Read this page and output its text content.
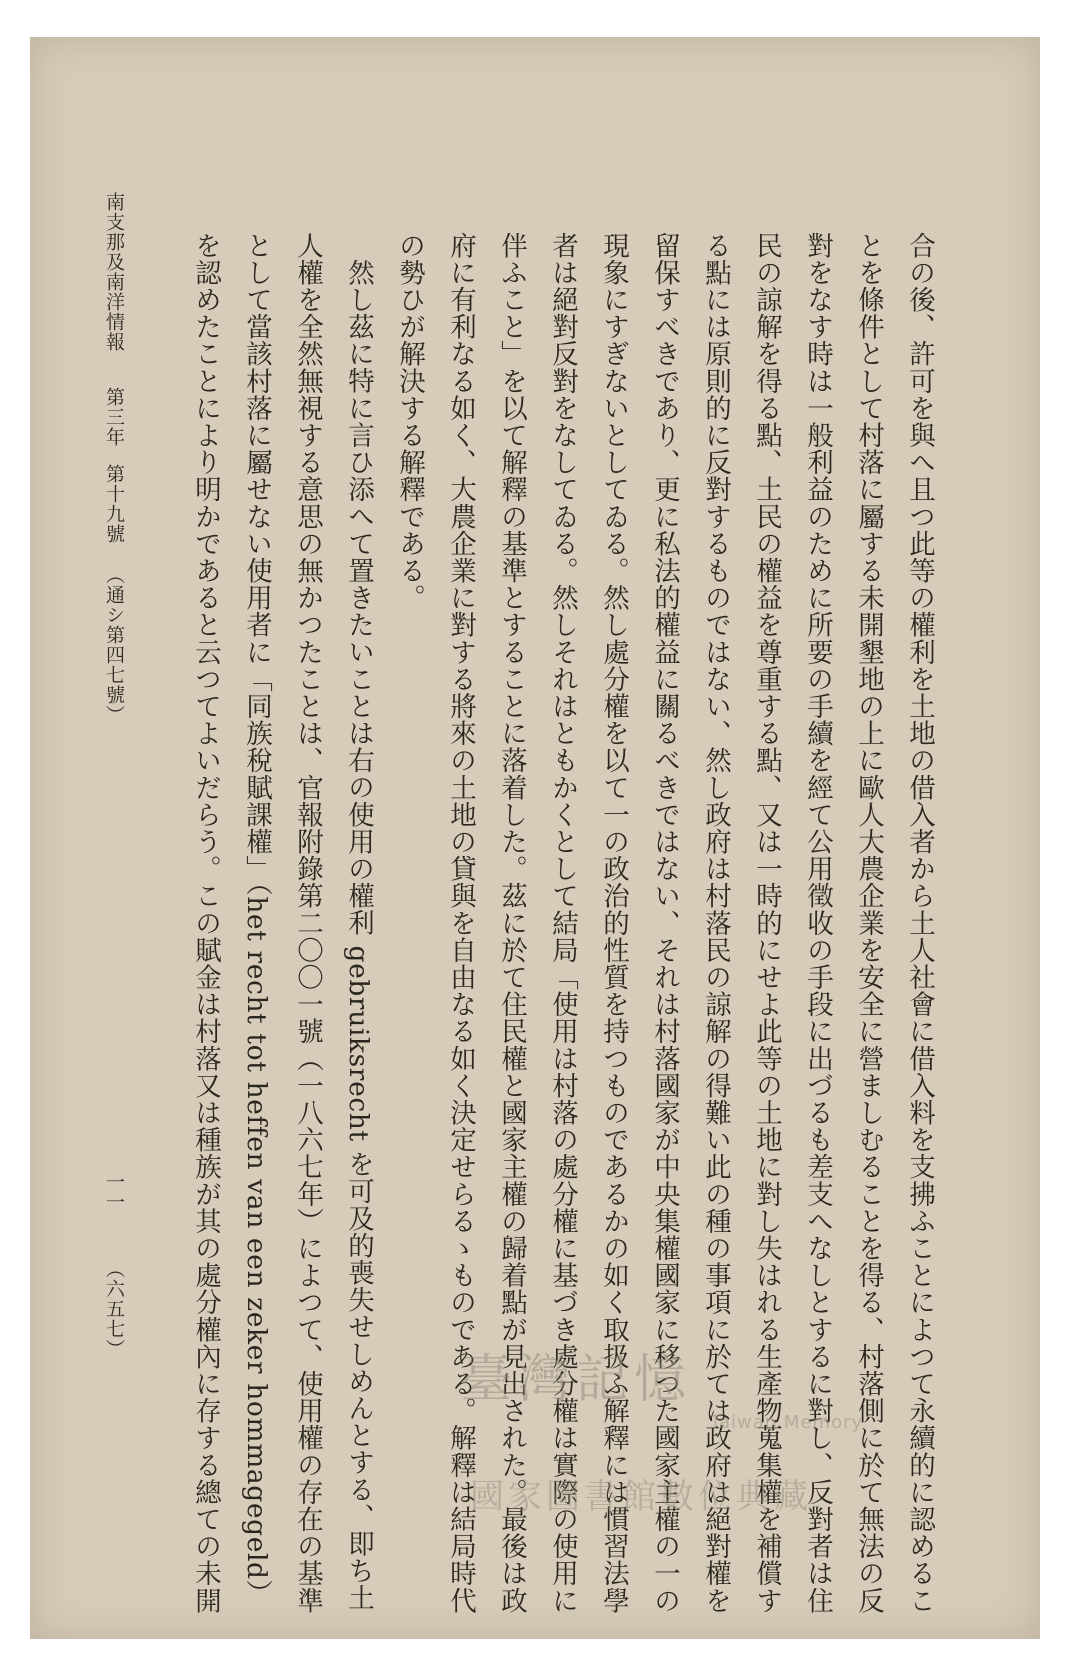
南支那及南洋情報 第三年 第十九號 （通シ第四七號） 一一 （六五七）	合の後、許可を與へ且つ此等の權利を土地の借入者から土人社會に借入料を支拂ふことによつて永續的に認めることを條件として村落に屬する未開墾地の上に歐人大農企業を安全に營ましむることを得る、村落側に於て無法の反對をなす時は一般利益のために所要の手續を經て公用徵收の手段に出づるも差支へなしとするに對し、反對者は住民の諒解を得る點、土民の權益を尊重する點、又は一時的にせよ此等の土地に對し失はれる生產物蒐集權を補償する點には原則的に反對するものではない、然し政府は村落民の諒解の得難い此の種の事項に於ては政府は絕對權を留保すべきであり、更に私法的權益に關るべきではない、それは村落國家が中央集權國家に移つた國家主權の一の現象にすぎないとしてゐる。然し處分權を以て一の政治的性質を持つものであるかの如く取扱ふ解釋には慣習法學者は絕對反對をなしてゐる。然しそれはともかくとして結局「使用は村落の處分權に基づき處分權は實際の使用に伴ふこと」を以て解釋の基準とすることに落着した。茲に於て住民權と國家主權の歸着點が見出された。最後は政府に有利なる如く、大農企業に對する將來の土地の貸與を自由なる如く決定せらるゝものである。解釋は結局時代の勢ひが解決する解釋である。

然し茲に特に言ひ添へて置きたいことは右の使用の權利 gebruiksrecht を可及的喪失せしめんとする、即ち土人權を全然無視する意思の無かつたことは、官報附錄第二〇〇一號（一八六七年）によつて、使用權の存在の基準として當該村落に屬せない使用者に「同族稅賦課權」（het recht tot heffen van een zeker hommagegeld）を認めたことにより明かであると云つてよいだらう。この賦金は村落又は種族が其の處分權內に存する總ての未開

臺灣記憶
Taiwan Memory
國家圖書館數位典藏
